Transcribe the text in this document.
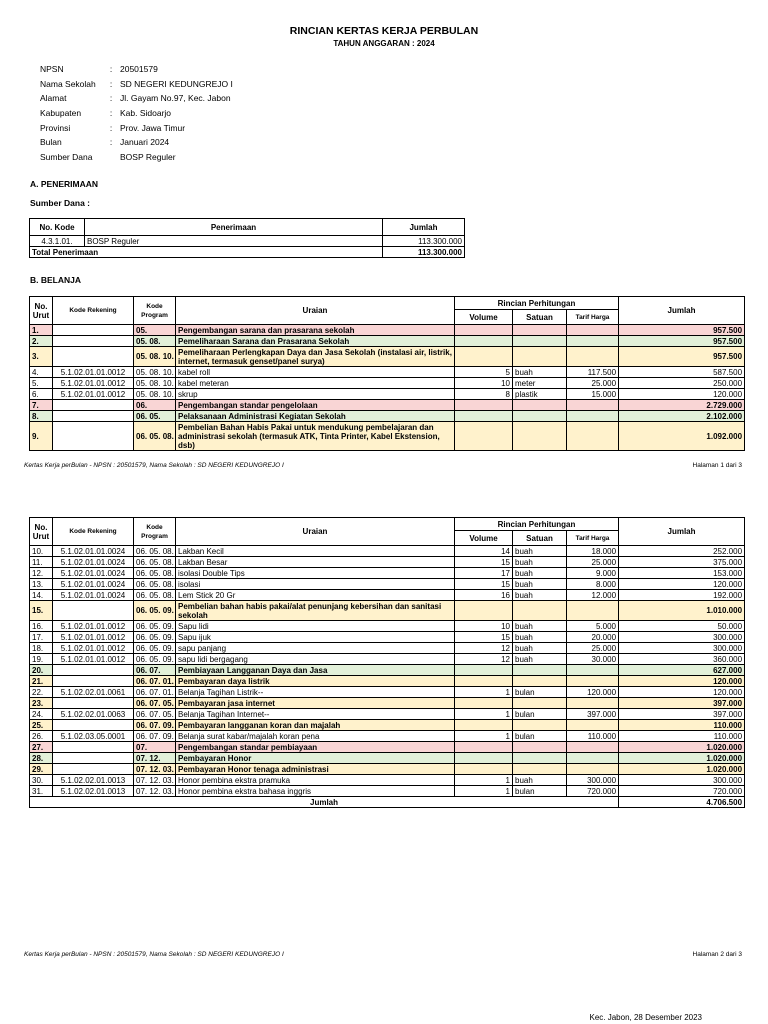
RINCIAN KERTAS KERJA PERBULAN
TAHUN ANGGARAN : 2024
NPSN	: 20501579
Nama Sekolah	: SD NEGERI KEDUNGREJO I
Alamat	: Jl. Gayam No.97, Kec. Jabon
Kabupaten	: Kab. Sidoarjo
Provinsi	: Prov. Jawa Timur
Bulan	: Januari 2024
Sumber Dana	BOSP Reguler
A. PENERIMAAN
Sumber Dana :
No. Kode	Penerimaan	Jumlah
4.3.1.01.	BOSP Reguler	113.300.000
Total Penerimaan		113.300.000
B. BELANJA
No. Urut	Kode Rekening	Kode Program	Uraian	Rincian Perhitungan			Jumlah
				Volume	Satuan	Tarif Harga	
1.		05.	Pengembangan sarana dan prasarana sekolah				957.500
2.		05. 08.	Pemeliharaan Sarana dan Prasarana Sekolah				957.500
3.		05. 08. 10.	Pemeliharaan Perlengkapan Daya dan Jasa Sekolah (instalasi air, listrik, internet, termasuk genset/panel surya)				957.500
4.	5.1.02.01.01.0012	05. 08. 10.	kabel roll	5	buah	117.500	587.500
5.	5.1.02.01.01.0012	05. 08. 10.	kabel meteran	10	meter	25.000	250.000
6.	5.1.02.01.01.0012	05. 08. 10.	skrup	8	plastik	15.000	120.000
7.		06.	Pengembangan standar pengelolaan				2.729.000
8.		06. 05.	Pelaksanaan Administrasi Kegiatan Sekolah				2.102.000
9.		06. 05. 08.	Pembelian Bahan Habis Pakai untuk mendukung pembelajaran dan administrasi sekolah (termasuk ATK, Tinta Printer, Kabel Ekstension, dsb)				1.092.000
Kertas Kerja perBulan - NPSN : 20501579, Nama Sekolah : SD NEGERI KEDUNGREJO I	Halaman 1 dari 3
No. Urut	Kode Rekening	Kode Program	Uraian	Rincian Perhitungan			Jumlah
				Volume	Satuan	Tarif Harga	
10.	5.1.02.01.01.0024	06. 05. 08.	Lakban Kecil	14	buah	18.000	252.000
11.	5.1.02.01.01.0024	06. 05. 08.	Lakban Besar	15	buah	25.000	375.000
12.	5.1.02.01.01.0024	06. 05. 08.	isolasi Double Tips	17	buah	9.000	153.000
13.	5.1.02.01.01.0024	06. 05. 08.	isolasi	15	buah	8.000	120.000
14.	5.1.02.01.01.0024	06. 05. 08.	Lem Stick 20 Gr	16	buah	12.000	192.000
15.		06. 05. 09.	Pembelian bahan habis pakai/alat penunjang kebersihan dan sanitasi sekolah				1.010.000
16.	5.1.02.01.01.0012	06. 05. 09.	Sapu lidi	10	buah	5.000	50.000
17.	5.1.02.01.01.0012	06. 05. 09.	Sapu ijuk	15	buah	20.000	300.000
18.	5.1.02.01.01.0012	06. 05. 09.	sapu panjang	12	buah	25.000	300.000
19.	5.1.02.01.01.0012	06. 05. 09.	sapu lidi bergagang	12	buah	30.000	360.000
20.		06. 07.	Pembiayaan Langganan Daya dan Jasa				627.000
21.		06. 07. 01.	Pembayaran daya listrik				120.000
22.	5.1.02.02.01.0061	06. 07. 01.	Belanja Tagihan Listrik--	1	bulan	120.000	120.000
23.		06. 07. 05.	Pembayaran jasa internet				397.000
24.	5.1.02.02.01.0063	06. 07. 05.	Belanja Tagihan Internet--	1	bulan	397.000	397.000
25.		06. 07. 09.	Pembayaran langganan koran dan majalah				110.000
26.	5.1.02.03.05.0001	06. 07. 09.	Belanja surat kabar/majalah koran pena	1	bulan	110.000	110.000
27.		07.	Pengembangan standar pembiayaan				1.020.000
28.		07. 12.	Pembayaran Honor				1.020.000
29.		07. 12. 03.	Pembayaran Honor tenaga administrasi				1.020.000
30.	5.1.02.02.01.0013	07. 12. 03.	Honor pembina ekstra pramuka	1	buah	300.000	300.000
31.	5.1.02.02.01.0013	07. 12. 03.	Honor pembina ekstra bahasa inggris	1	bulan	720.000	720.000
Jumlah							4.706.500
Kertas Kerja perBulan - NPSN : 20501579, Nama Sekolah : SD NEGERI KEDUNGREJO I	Halaman 2 dari 3
Kec. Jabon, 28 Desember 2023
